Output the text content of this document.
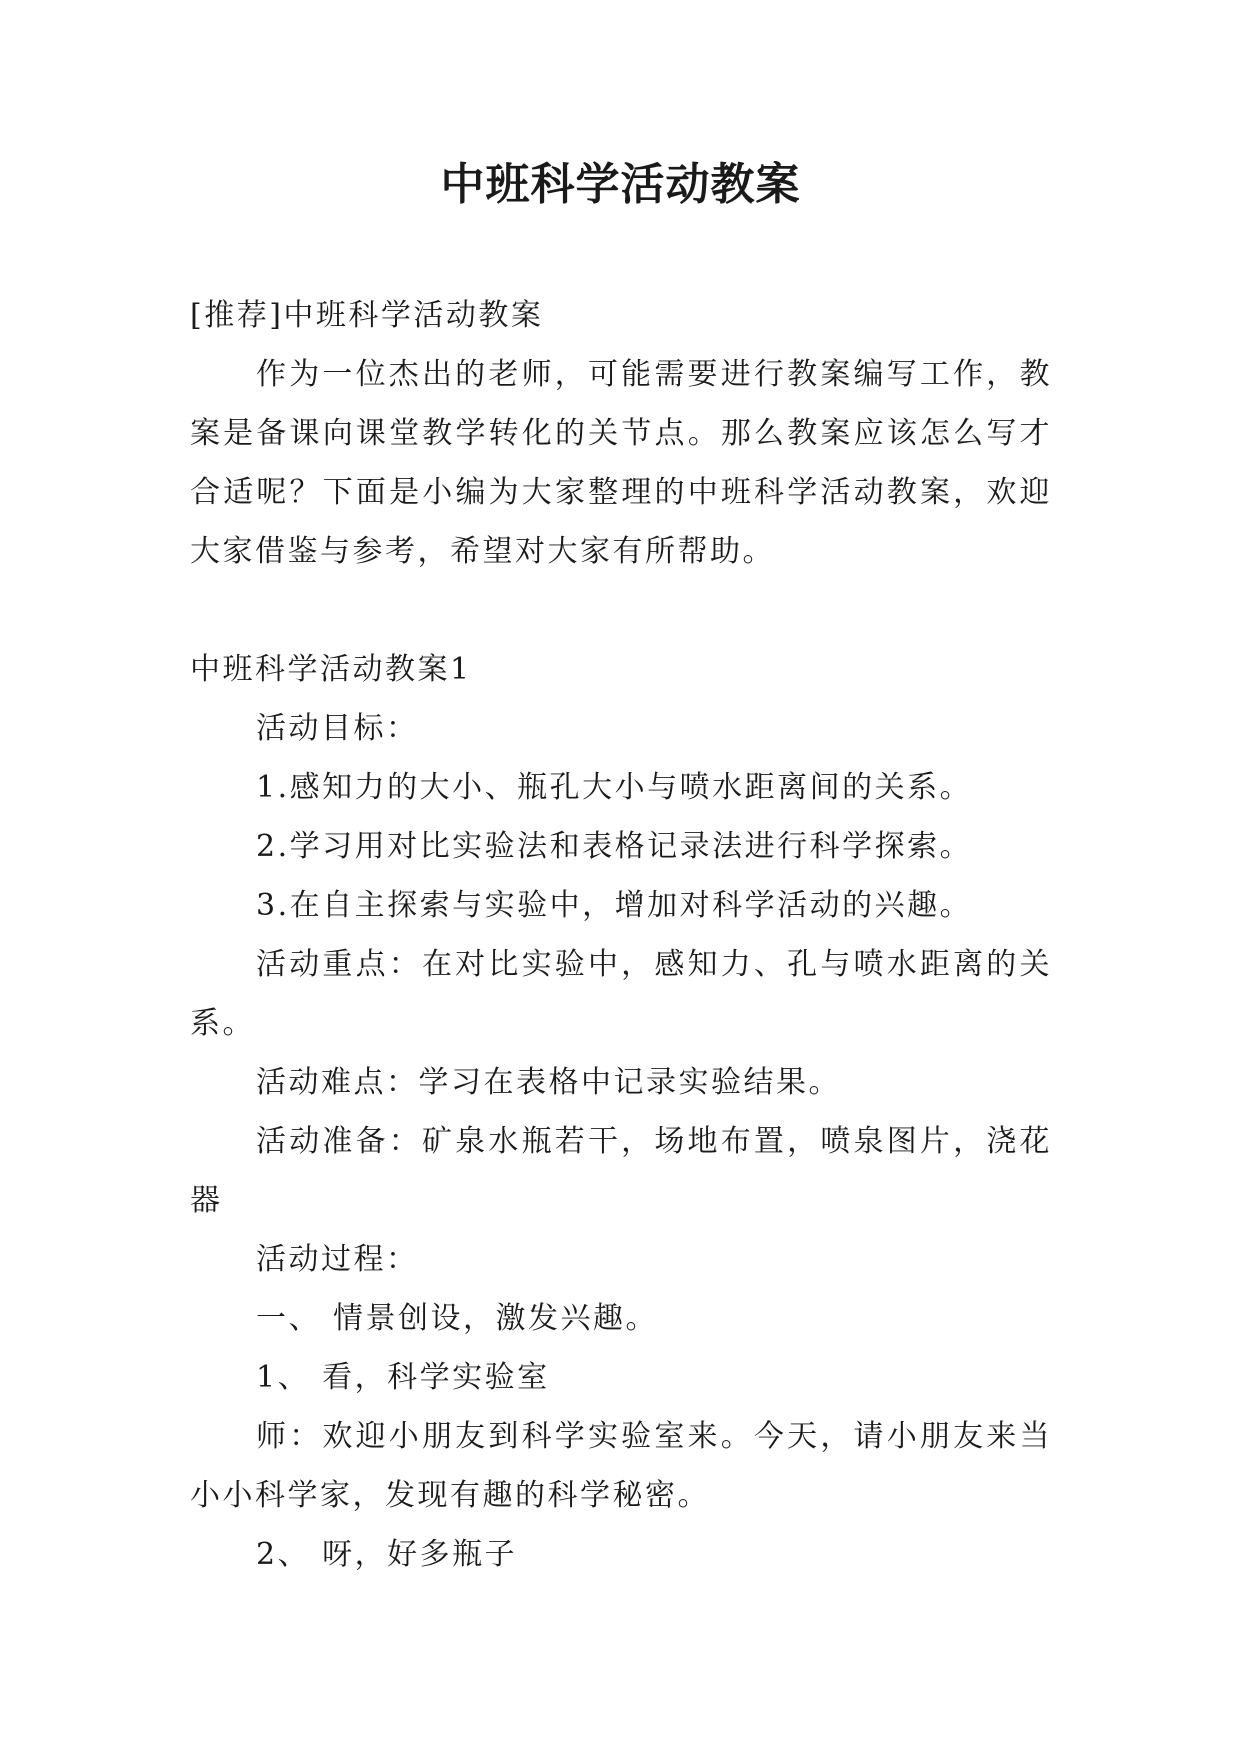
中班科学活动教案

[推荐]中班科学活动教案

作为一位杰出的老师，可能需要进行教案编写工作，教案是备课向课堂教学转化的关节点。那么教案应该怎么写才合适呢？下面是小编为大家整理的中班科学活动教案，欢迎大家借鉴与参考，希望对大家有所帮助。

中班科学活动教案1

活动目标：

1.感知力的大小、瓶孔大小与喷水距离间的关系。

2.学习用对比实验法和表格记录法进行科学探索。

3.在自主探索与实验中，增加对科学活动的兴趣。

活动重点：在对比实验中，感知力、孔与喷水距离的关系。

活动难点：学习在表格中记录实验结果。

活动准备：矿泉水瓶若干，场地布置，喷泉图片，浇花器

活动过程：

一、 情景创设，激发兴趣。

1、 看，科学实验室

师：欢迎小朋友到科学实验室来。今天，请小朋友来当小小科学家，发现有趣的科学秘密。

2、 呀，好多瓶子
